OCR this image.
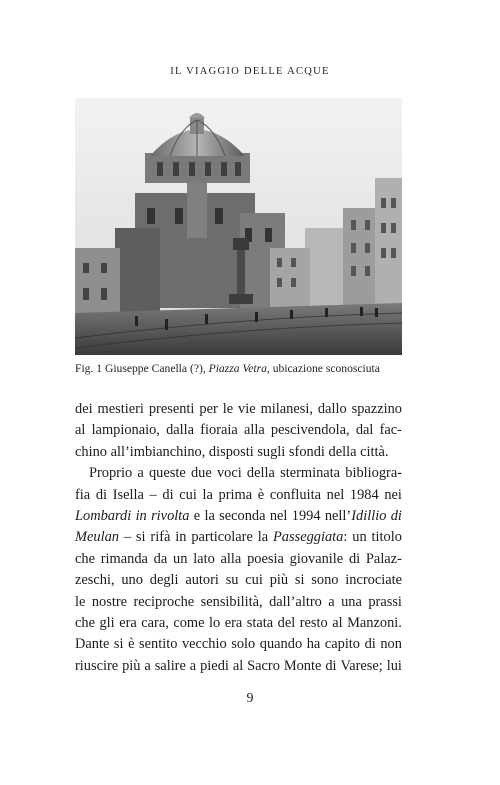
IL VIAGGIO DELLE ACQUE
Fig. 1 Giuseppe Canella (?), Piazza Vetra, ubicazione sconosciuta
dei mestieri presenti per le vie milanesi, dallo spazzino
al lampionaio, dalla fioraia alla pescivendola, dal fac-
chino
all’imbianchino,
disposti
sugli
sfondi
della
città.
Proprio a queste due voci della sterminata bibliogra-
fia di Isella – di cui la prima è confluita nel 1984 nei
Lombardi in rivolta e la seconda nel 1994 nell’Idillio di
Meulan – si rifà in particolare la Passeggiata: un titolo
che rimanda da un lato alla poesia giovanile di Palaz-
zeschi, uno degli autori su cui più si sono incrociate
le nostre reciproche sensibilità, dall’altro a una prassi
che gli era cara, come lo era stata del resto al Manzoni.
Dante si è sentito vecchio solo quando ha capito di non
riuscire più a salire a piedi al Sacro Monte di Varese; lui
9
